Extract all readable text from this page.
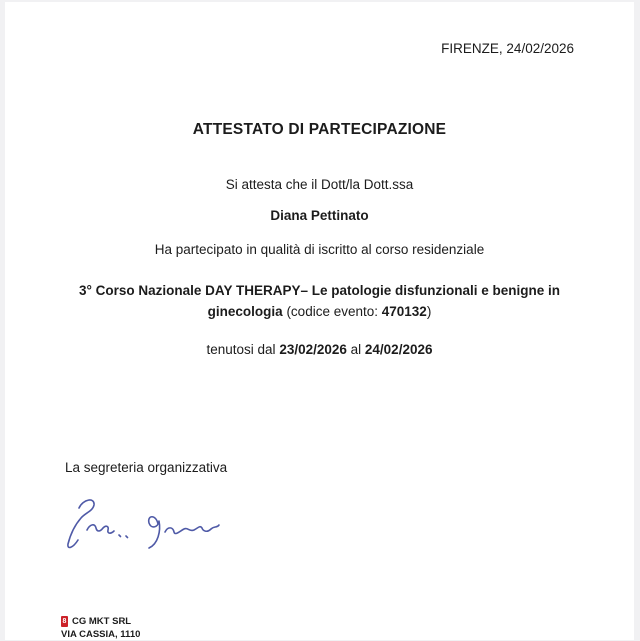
FIRENZE, 24/02/2026
ATTESTATO DI PARTECIPAZIONE
Si attesta che il Dott/la Dott.ssa
Diana Pettinato
Ha partecipato in qualità di iscritto al corso residenziale
3° Corso Nazionale DAY THERAPY– Le patologie disfunzionali e benigne in
ginecologia (codice evento: 470132)
tenutosi dal 23/02/2026 al 24/02/2026
La segreteria organizzativa
8 CG MKT SRL
VIA CASSIA, 1110
